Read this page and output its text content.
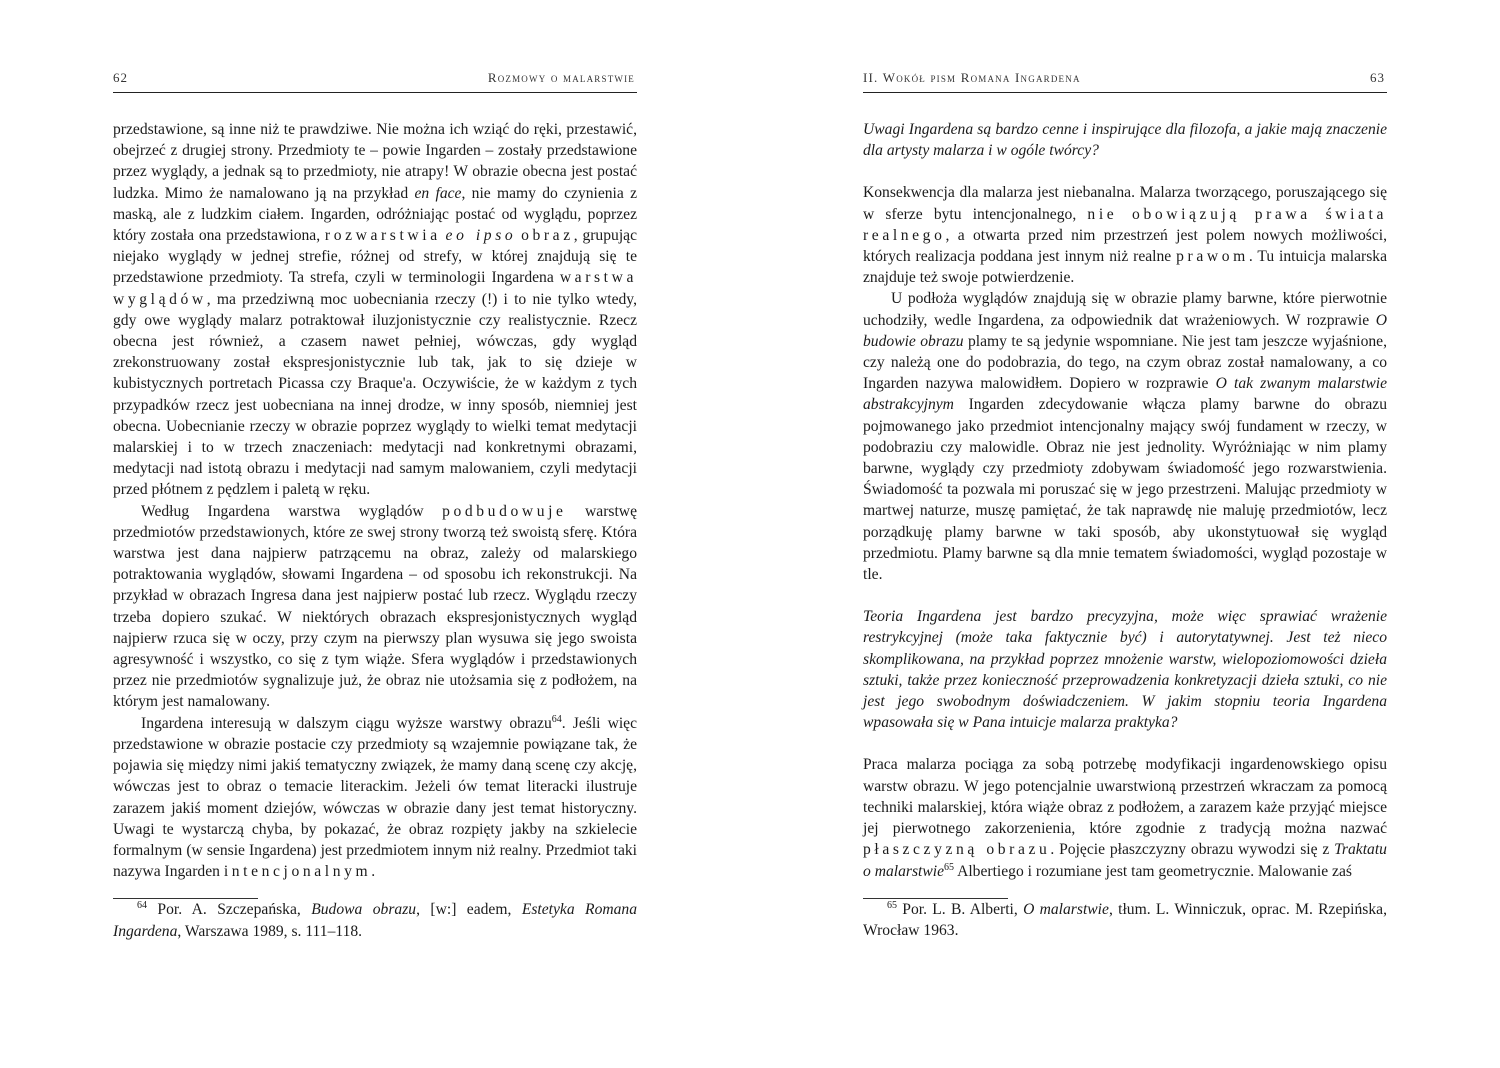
62	Rozmowy o malarstwie

przedstawione, są inne niż te prawdziwe. Nie można ich wziąć do ręki, przestawić, obejrzeć z drugiej strony. Przedmioty te – powie Ingarden – zostały przedstawione przez wyglądy, a jednak są to przedmioty, nie atrapy! W obrazie obecna jest postać ludzka. Mimo że namalowano ją na przykład en face, nie mamy do czynienia z maską, ale z ludzkim ciałem. Ingarden, odróżniając postać od wyglądu, poprzez który została ona przedstawiona, rozwarstwia eo ipso obraz, grupując niejako wyglądy w jednej strefie, różnej od strefy, w której znajdują się te przedstawione przedmioty. Ta strefa, czyli w terminologii Ingardena warstwa wyglądów, ma przedziwną moc uobecniania rzeczy (!) i to nie tylko wtedy, gdy owe wyglądy malarz potraktował iluzjonistycznie czy realistycznie. Rzecz obecna jest również, a czasem nawet pełniej, wówczas, gdy wygląd zrekonstruowany został ekspresjonistycznie lub tak, jak to się dzieje w kubistycznych portretach Picassa czy Braque'a. Oczywiście, że w każdym z tych przypadków rzecz jest uobecniana na innej drodze, w inny sposób, niemniej jest obecna. Uobecnianie rzeczy w obrazie poprzez wyglądy to wielki temat medytacji malarskiej i to w trzech znaczeniach: medytacji nad konkretnymi obrazami, medytacji nad istotą obrazu i medytacji nad samym malowaniem, czyli medytacji przed płótnem z pędzlem i paletą w ręku.

Według Ingardena warstwa wyglądów podbudowuje warstwę przedmiotów przedstawionych, które ze swej strony tworzą też swoistą sferę. Która warstwa jest dana najpierw patrzącemu na obraz, zależy od malarskiego potraktowania wyglądów, słowami Ingardena – od sposobu ich rekonstrukcji. Na przykład w obrazach Ingresa dana jest najpierw postać lub rzecz. Wyglądu rzeczy trzeba dopiero szukać. W niektórych obrazach ekspresjonistycznych wygląd najpierw rzuca się w oczy, przy czym na pierwszy plan wysuwa się jego swoista agresywność i wszystko, co się z tym wiąże. Sfera wyglądów i przedstawionych przez nie przedmiotów sygnalizuje już, że obraz nie utożsamia się z podłożem, na którym jest namalowany.

Ingardena interesują w dalszym ciągu wyższe warstwy obrazu$^{64}$. Jeśli więc przedstawione w obrazie postacie czy przedmioty są wzajemnie powiązane tak, że pojawia się między nimi jakiś tematyczny związek, że mamy daną scenę czy akcję, wówczas jest to obraz o temacie literackim. Jeżeli ów temat literacki ilustruje zarazem jakiś moment dziejów, wówczas w obrazie dany jest temat historyczny. Uwagi te wystarczą chyba, by pokazać, że obraz rozpięty jakby na szkielecie formalnym (w sensie Ingardena) jest przedmiotem innym niż realny. Przedmiot taki nazywa Ingarden intencjonalnym.

$^{64}$ Por. A. Szczepańska, Budowa obrazu, [w:] eadem, Estetyka Romana Ingardena, Warszawa 1989, s. 111–118.

II. Wokół pism Romana Ingardena	63

Uwagi Ingardena są bardzo cenne i inspirujące dla filozofa, a jakie mają znaczenie dla artysty malarza i w ogóle twórcy?

Konsekwencja dla malarza jest niebanalna. Malarza tworzącego, poruszającego się w sferze bytu intencjonalnego, nie obowiązują prawa świata realnego, a otwarta przed nim przestrzeń jest polem nowych możliwości, których realizacja poddana jest innym niż realne prawom. Tu intuicja malarska znajduje też swoje potwierdzenie.

U podłoża wyglądów znajdują się w obrazie plamy barwne, które pierwotnie uchodziły, wedle Ingardena, za odpowiednik dat wrażeniowych. W rozprawie O budowie obrazu plamy te są jedynie wspomniane. Nie jest tam jeszcze wyjaśnione, czy należą one do podobrazia, do tego, na czym obraz został namalowany, a co Ingarden nazywa malowidłem. Dopiero w rozprawie O tak zwanym malarstwie abstrakcyjnym Ingarden zdecydowanie włącza plamy barwne do obrazu pojmowanego jako przedmiot intencjonalny mający swój fundament w rzeczy, w podobraziu czy malowidle. Obraz nie jest jednolity. Wyróżniając w nim plamy barwne, wyglądy czy przedmioty zdobywam świadomość jego rozwarstwienia. Świadomość ta pozwala mi poruszać się w jego przestrzeni. Malując przedmioty w martwej naturze, muszę pamiętać, że tak naprawdę nie maluję przedmiotów, lecz porządkuję plamy barwne w taki sposób, aby ukonstytuował się wygląd przedmiotu. Plamy barwne są dla mnie tematem świadomości, wygląd pozostaje w tle.

Teoria Ingardena jest bardzo precyzyjna, może więc sprawiać wrażenie restrykcyjnej (może taka faktycznie być) i autorytatywnej. Jest też nieco skomplikowana, na przykład poprzez mnożenie warstw, wielopoziomowości dzieła sztuki, także przez konieczność przeprowadzenia konkretyzacji dzieła sztuki, co nie jest jego swobodnym doświadczeniem. W jakim stopniu teoria Ingardena wpasowała się w Pana intuicje malarza praktyka?

Praca malarza pociąga za sobą potrzebę modyfikacji ingardenowskiego opisu warstw obrazu. W jego potencjalnie uwarstwioną przestrzeń wkraczam za pomocą techniki malarskiej, która wiąże obraz z podłożem, a zarazem każe przyjąć miejsce jej pierwotnego zakorzenienia, które zgodnie z tradycją można nazwać płaszczyzną obrazu. Pojęcie płaszczyzny obrazu wywodzi się z Traktatu o malarstwie$^{65}$ Albertiego i rozumiane jest tam geometrycznie. Malowanie zaś

$^{65}$ Por. L. B. Alberti, O malarstwie, tłum. L. Winniczuk, oprac. M. Rzepińska, Wrocław 1963.
